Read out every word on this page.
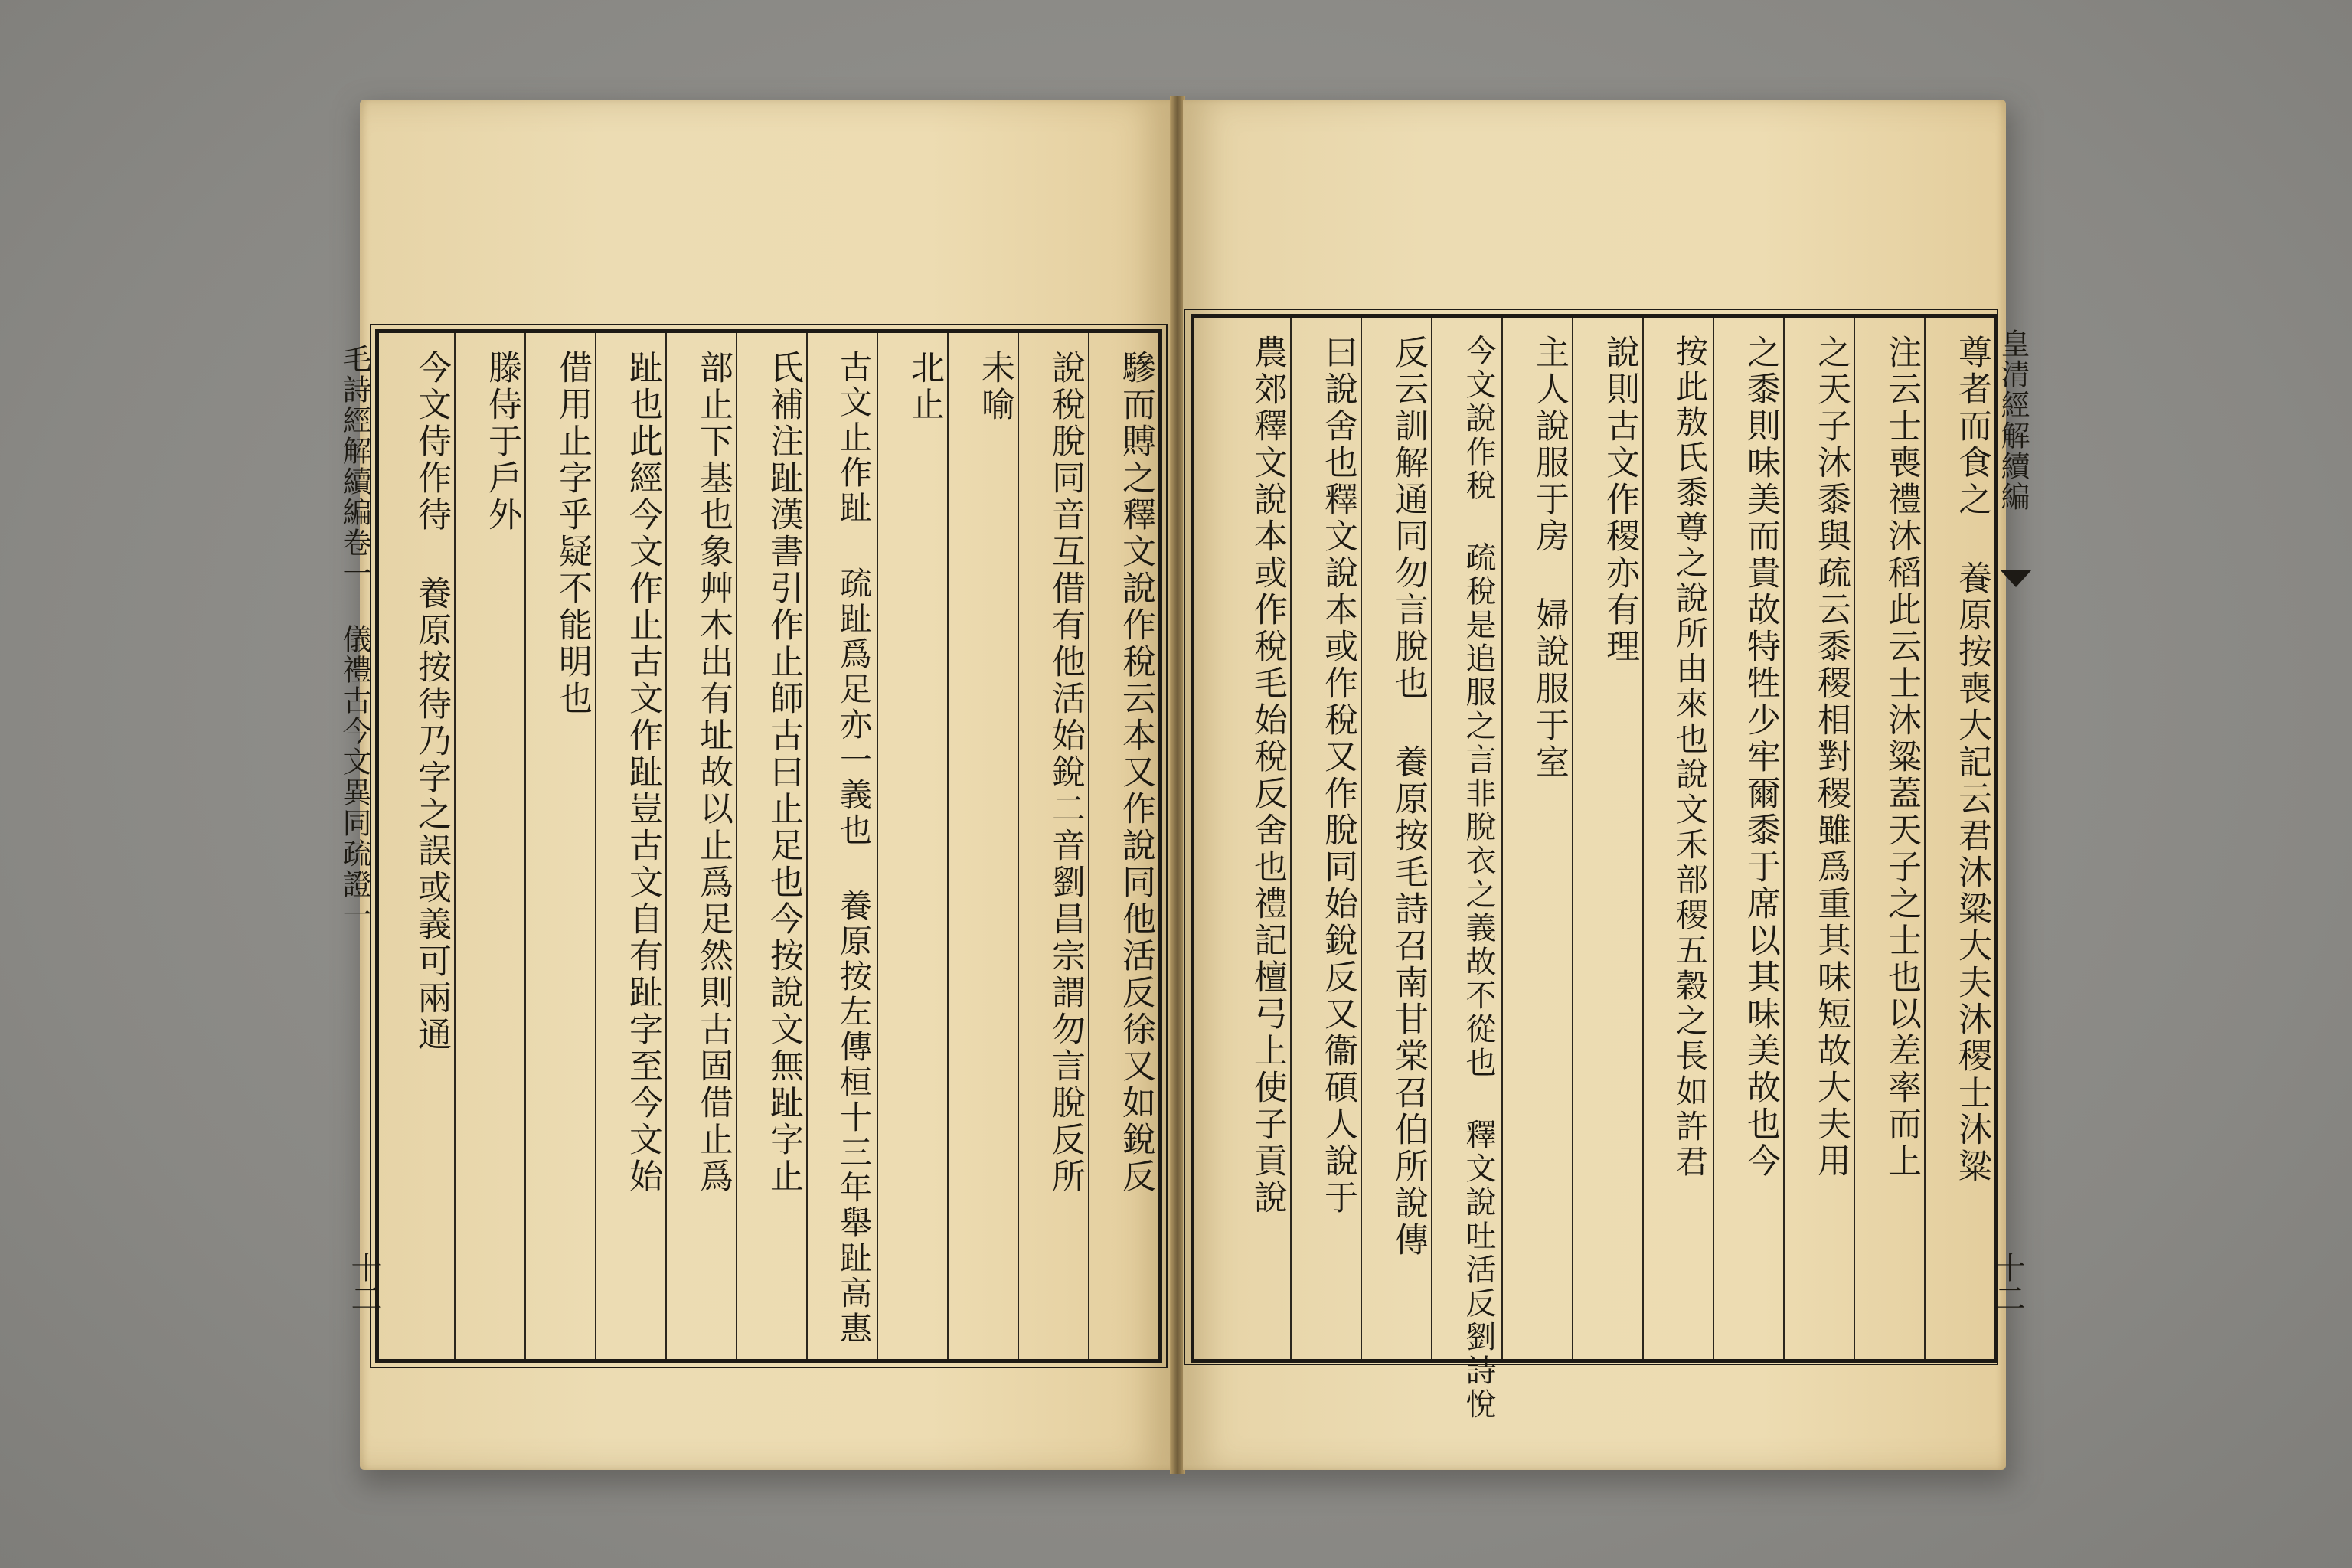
毛詩經解續編卷一 儀禮古今文異同疏證一	驂而賻之釋文說作稅云本又作說同他活反徐又如銳反
說稅脫同音互借有他活始銳二音劉昌宗謂勿言脫反所
未喻
北止
古文止作趾 疏趾爲足亦一義也 養原按左傳桓十三年舉趾高惠
氏補注趾漢書引作止師古曰止足也今按說文無趾字止
部止下基也象艸木出有址故以止爲足然則古固借止爲
趾也此經今文作止古文作趾豈古文自有趾字至今文始
借用止字乎疑不能明也
滕侍于戶外
今文侍作待 養原按待乃字之誤或義可兩通
十二
皇清經解續編
尊者而食之 養原按喪大記云君沐粱大夫沐稷士沐粱
注云士喪禮沐稻此云士沐粱蓋天子之士也以差率而上
之天子沐黍與疏云黍稷相對稷雖爲重其味短故大夫用
之黍則味美而貴故特牲少牢爾黍于席以其味美故也今
按此敖氏黍尊之說所由來也說文禾部稷五穀之長如許君
說則古文作稷亦有理
主人說服于房 婦說服于室
今文說作稅 疏稅是追服之言非脫衣之義故不從也 釋文說吐活反劉詩悅
反云訓解通同勿言脫也 養原按毛詩召南甘棠召伯所說傳
曰說舍也釋文說本或作稅又作脫同始銳反又衞碩人說于
農郊釋文說本或作稅毛始稅反舍也禮記檀弓上使子貢說
十二
